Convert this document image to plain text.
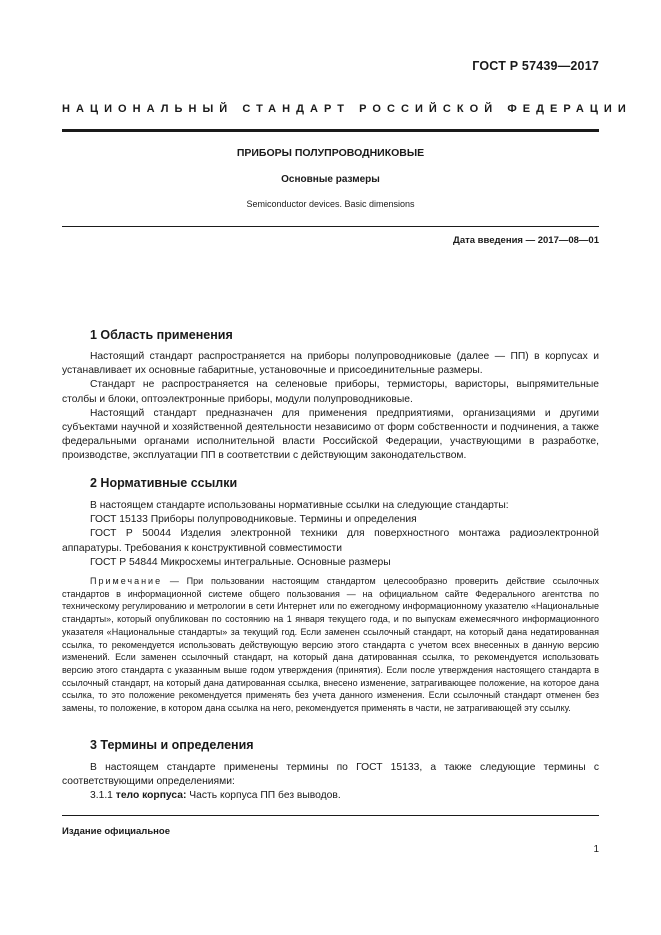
ГОСТ Р 57439—2017
НАЦИОНАЛЬНЫЙ СТАНДАРТ РОССИЙСКОЙ ФЕДЕРАЦИИ
ПРИБОРЫ ПОЛУПРОВОДНИКОВЫЕ
Основные размеры
Semiconductor devices. Basic dimensions
Дата введения — 2017—08—01
1 Область применения

Настоящий стандарт распространяется на приборы полупроводниковые (далее — ПП) в корпусах и устанавливает их основные габаритные, установочные и присоединительные размеры.

Стандарт не распространяется на селеновые приборы, термисторы, варисторы, выпрямительные столбы и блоки, оптоэлектронные приборы, модули полупроводниковые.

Настоящий стандарт предназначен для применения предприятиями, организациями и другими субъектами научной и хозяйственной деятельности независимо от форм собственности и подчинения, а также федеральными органами исполнительной власти Российской Федерации, участвующими в разработке, производстве, эксплуатации ПП в соответствии с действующим законодательством.

2 Нормативные ссылки

В настоящем стандарте использованы нормативные ссылки на следующие стандарты:

ГОСТ 15133 Приборы полупроводниковые. Термины и определения

ГОСТ Р 50044 Изделия электронной техники для поверхностного монтажа радиоэлектронной аппаратуры. Требования к конструктивной совместимости

ГОСТ Р 54844 Микросхемы интегральные. Основные размеры

Примечание — При пользовании настоящим стандартом целесообразно проверить действие ссылочных стандартов в информационной системе общего пользования — на официальном сайте Федерального агентства по техническому регулированию и метрологии в сети Интернет или по ежегодному информационному указателю «Национальные стандарты», который опубликован по состоянию на 1 января текущего года, и по выпускам ежемесячного информационного указателя «Национальные стандарты» за текущий год. Если заменен ссылочный стандарт, на который дана недатированная ссылка, то рекомендуется использовать действующую версию этого стандарта с учетом всех внесенных в данную версию изменений. Если заменен ссылочный стандарт, на который дана датированная ссылка, то рекомендуется использовать версию этого стандарта с указанным выше годом утверждения (принятия). Если после утверждения настоящего стандарта в ссылочный стандарт, на который дана датированная ссылка, внесено изменение, затрагивающее положение, на которое дана ссылка, то это положение рекомендуется применять без учета данного изменения. Если ссылочный стандарт отменен без замены, то положение, в котором дана ссылка на него, рекомендуется применять в части, не затрагивающей эту ссылку.
3 Термины и определения

В настоящем стандарте применены термины по ГОСТ 15133, а также следующие термины с соответствующими определениями:

3.1.1 тело корпуса: Часть корпуса ПП без выводов.

Издание официальное
1
